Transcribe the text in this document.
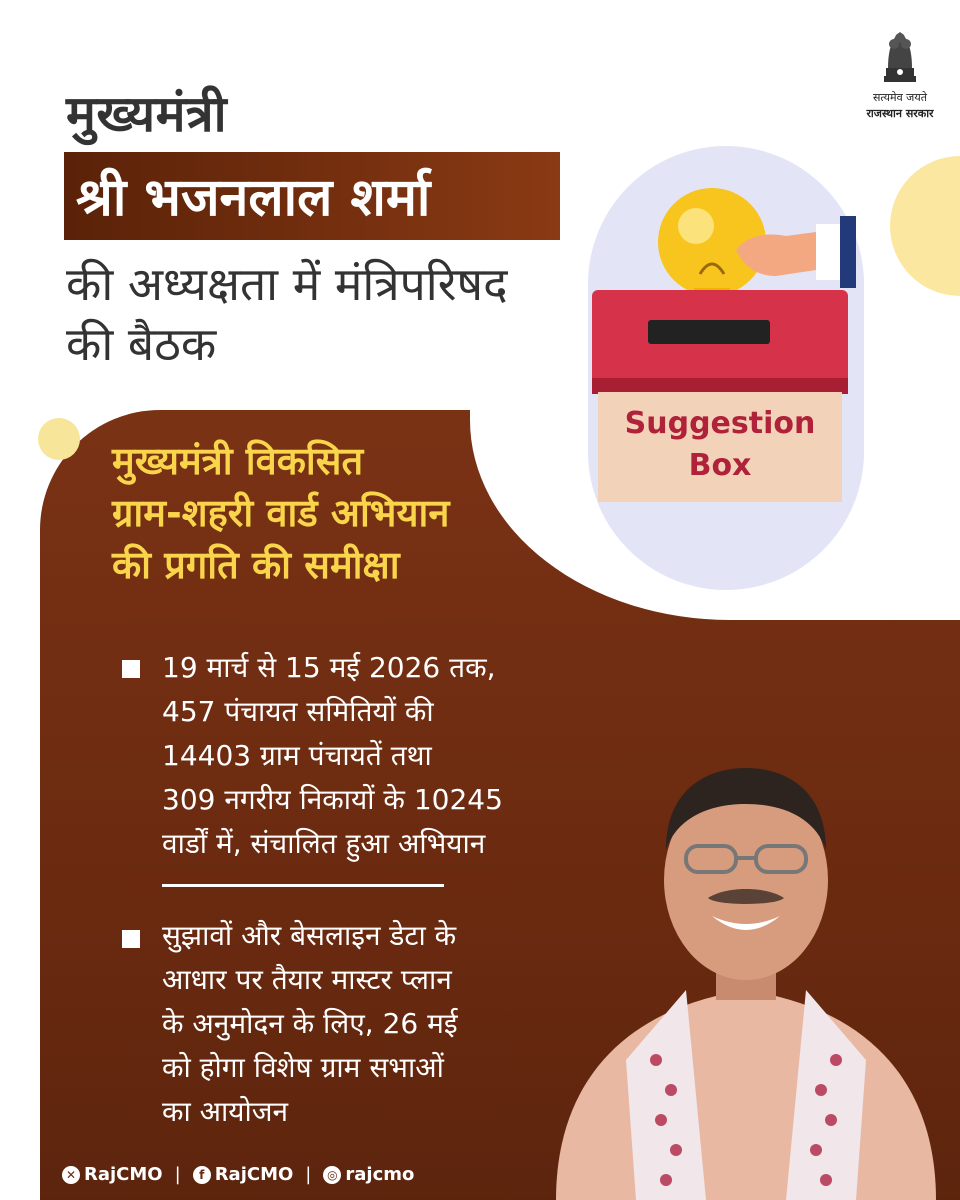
सत्यमेव जयते
राजस्थान सरकार
मुख्यमंत्री
श्री भजनलाल शर्मा
की अध्यक्षता में मंत्रिपरिषद
की बैठक
Suggestion
Box
मुख्यमंत्री विकसित
ग्राम-शहरी वार्ड अभियान
की प्रगति की समीक्षा
19 मार्च से 15 मई 2026 तक,
457 पंचायत समितियों की
14403 ग्राम पंचायतें तथा
309 नगरीय निकायों के 10245
वार्डों में, संचालित हुआ अभियान
सुझावों और बेसलाइन डेटा के
आधार पर तैयार मास्टर प्लान
के अनुमोदन के लिए, 26 मई
को होगा विशेष ग्राम सभाओं
का आयोजन
✕ RajCMO |	f RajCMO |	◎ rajcmo
